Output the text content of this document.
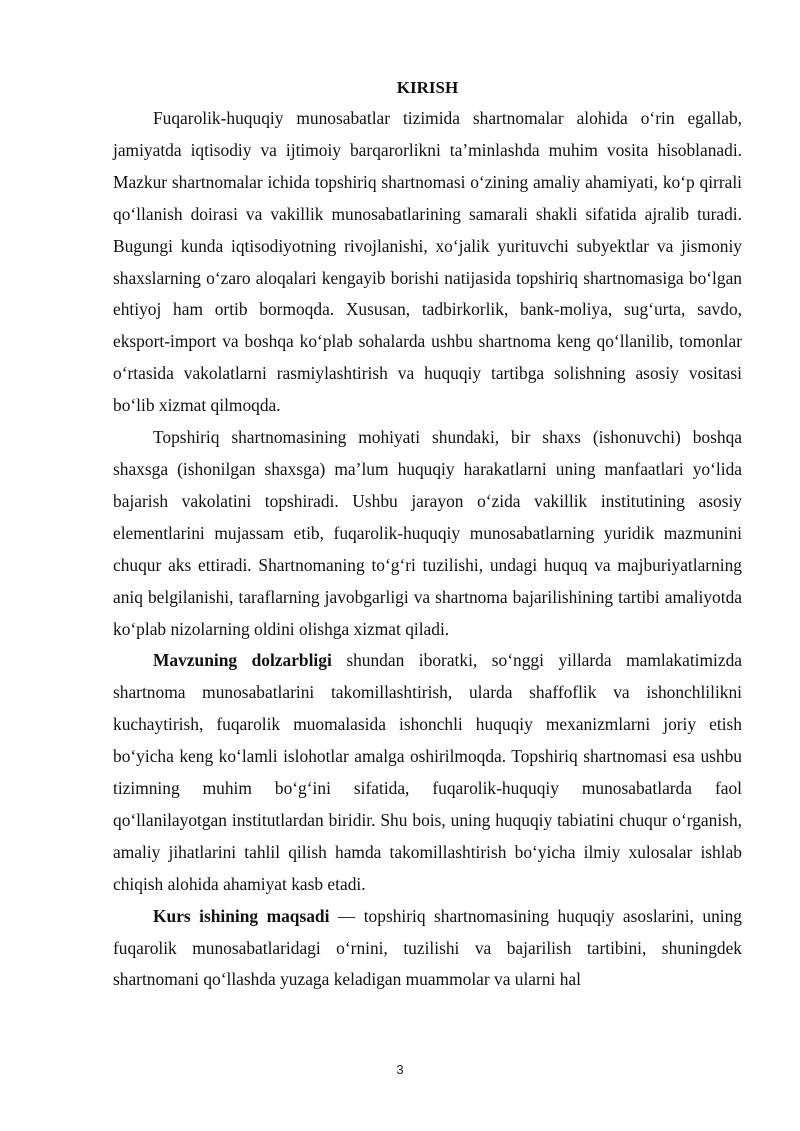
KIRISH

Fuqarolik-huquqiy munosabatlar tizimida shartnomalar alohida o‘rin egallab, jamiyatda iqtisodiy va ijtimoiy barqarorlikni ta’minlashda muhim vosita hisoblanadi. Mazkur shartnomalar ichida topshiriq shartnomasi o‘zining amaliy ahamiyati, ko‘p qirrali qo‘llanish doirasi va vakillik munosabatlarining samarali shakli sifatida ajralib turadi. Bugungi kunda iqtisodiyotning rivojlanishi, xo‘jalik yurituvchi subyektlar va jismoniy shaxslarning o‘zaro aloqalari kengayib borishi natijasida topshiriq shartnomasiga bo‘lgan ehtiyoj ham ortib bormoqda. Xususan, tadbirkorlik, bank-moliya, sug‘urta, savdo, eksport-import va boshqa ko‘plab sohalarda ushbu shartnoma keng qo‘llanilib, tomonlar o‘rtasida vakolatlarni rasmiylashtirish va huquqiy tartibga solishning asosiy vositasi bo‘lib xizmat qilmoqda.

Topshiriq shartnomasining mohiyati shundaki, bir shaxs (ishonuvchi) boshqa shaxsga (ishonilgan shaxsga) ma’lum huquqiy harakatlarni uning manfaatlari yo‘lida bajarish vakolatini topshiradi. Ushbu jarayon o‘zida vakillik institutining asosiy elementlarini mujassam etib, fuqarolik-huquqiy munosabatlarning yuridik mazmunini chuqur aks ettiradi. Shartnomaning to‘g‘ri tuzilishi, undagi huquq va majburiyatlarning aniq belgilanishi, taraflarning javobgarligi va shartnoma bajarilishining tartibi amaliyotda ko‘plab nizolarning oldini olishga xizmat qiladi.

Mavzuning dolzarbligi shundan iboratki, so‘nggi yillarda mamlakatimizda shartnoma munosabatlarini takomillashtirish, ularda shaffoflik va ishonchlilikni kuchaytirish, fuqarolik muomalasida ishonchli huquqiy mexanizmlarni joriy etish bo‘yicha keng ko‘lamli islohotlar amalga oshirilmoqda. Topshiriq shartnomasi esa ushbu tizimning muhim bo‘g‘ini sifatida, fuqarolik-huquqiy munosabatlarda faol qo‘llanilayotgan institutlardan biridir. Shu bois, uning huquqiy tabiatini chuqur o‘rganish, amaliy jihatlarini tahlil qilish hamda takomillashtirish bo‘yicha ilmiy xulosalar ishlab chiqish alohida ahamiyat kasb etadi.

Kurs ishining maqsadi — topshiriq shartnomasining huquqiy asoslarini, uning fuqarolik munosabatlaridagi o‘rnini, tuzilishi va bajarilish tartibini, shuningdek shartnomani qo‘llashda yuzaga keladigan muammolar va ularni hal

3
